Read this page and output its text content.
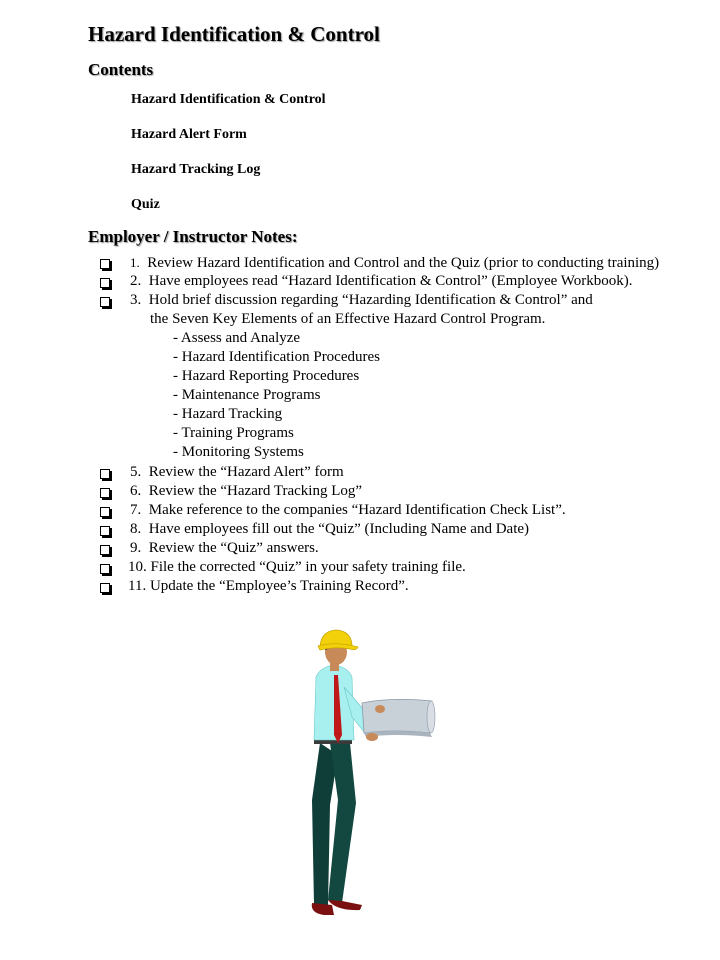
Hazard Identification & Control
Contents
Hazard Identification & Control
Hazard Alert Form
Hazard Tracking Log
Quiz
Employer / Instructor Notes:
1. Review Hazard Identification and Control and the Quiz (prior to conducting training)
2. Have employees read “Hazard Identification & Control” (Employee Workbook).
3. Hold brief discussion regarding “Hazarding Identification & Control” and
the Seven Key Elements of an Effective Hazard Control Program.
- Assess and Analyze
- Hazard Identification Procedures
- Hazard Reporting Procedures
- Maintenance Programs
- Hazard Tracking
- Training Programs
- Monitoring Systems
5. Review the “Hazard Alert” form
6. Review the “Hazard Tracking Log”
7. Make reference to the companies “Hazard Identification Check List”.
8. Have employees fill out the “Quiz” (Including Name and Date)
9. Review the “Quiz” answers.
10. File the corrected “Quiz” in your safety training file.
11. Update the “Employee’s Training Record”.
